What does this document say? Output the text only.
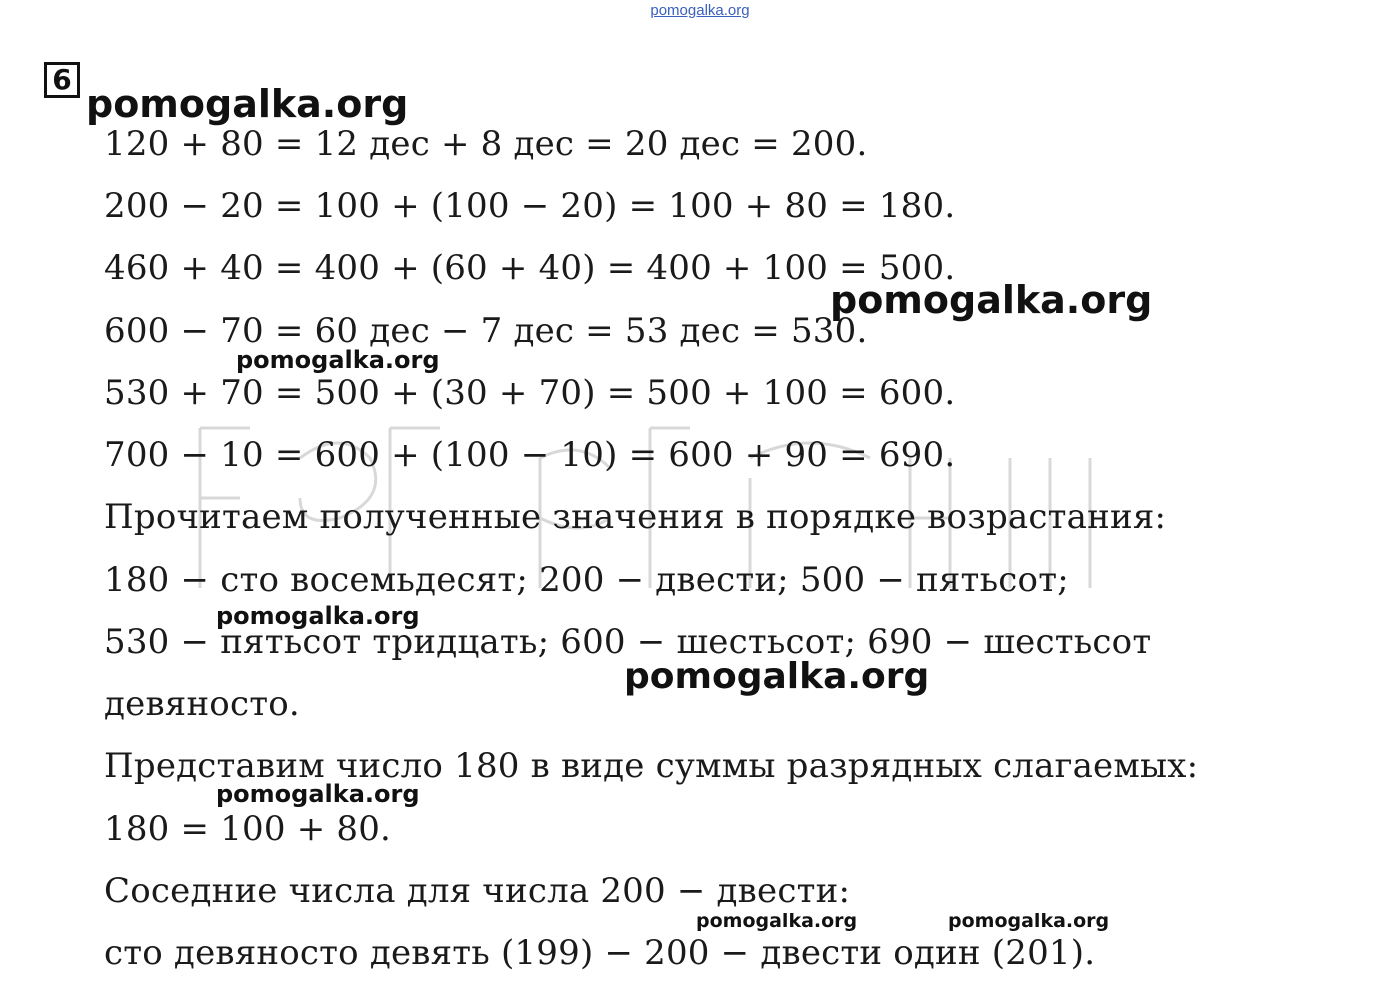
pomogalka.org
6
120 + 80 = 12 дес + 8 дес = 20 дес = 200.
200 − 20 = 100 + (100 − 20) = 100 + 80 = 180.
460 + 40 = 400 + (60 + 40) = 400 + 100 = 500.
600 − 70 = 60 дес − 7 дес = 53 дес = 530.
530 + 70 = 500 + (30 + 70) = 500 + 100 = 600.
700 − 10 = 600 + (100 − 10) = 600 + 90 = 690.
Прочитаем полученные значения в порядке возрастания:
180 − сто восемьдесят; 200 − двести; 500 − пятьсот;
530 − пятьсот тридцать; 600 − шестьсот; 690 − шестьсот
девяносто.
Представим число 180 в виде суммы разрядных слагаемых:
180 = 100 + 80.
Соседние числа для числа 200 − двести:
сто девяносто девять (199) − 200 − двести один (201).
pomogalka.org
pomogalka.org
pomogalka.org
pomogalka.org
pomogalka.org
pomogalka.org
pomogalka.org	pomogalka.org
